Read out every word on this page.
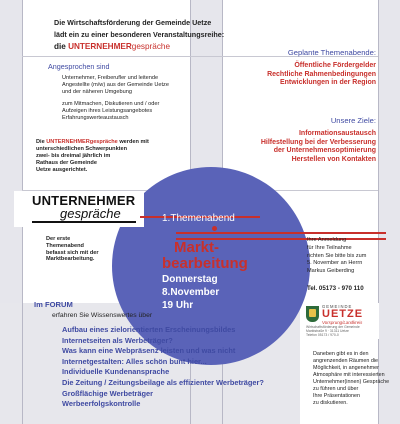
Die Wirtschaftsförderung der Gemeinde Uetze
lädt ein zu einer besonderen Veranstaltungsreihe:
die UNTERNEHMERgespräche
Angesprochen sind
Unternehmer, Freiberufler und leitende
Angestellte (m/w) aus der Gemeinde Uetze
und der näheren Umgebung
zum Mitmachen, Diskutieren und / oder
Aufzeigen ihres Leistungsangebotes
Erfahrungswerteaustausch
Geplante Themenabende:
Öffentliche Fördergelder
Rechtliche Rahmenbedingungen
Entwicklungen in der Region
Unsere Ziele:
Informationsaustausch
Hilfestellung bei der Verbesserung
der Unternehmensoptimierung
Herstellen von Kontakten
Die UNTERNEHMERgespräche werden mit
unterschiedlichen Schwerpunkten
zwei- bis dreimal jährlich im
Rathaus der Gemeinde
Uetze ausgerichtet.
UNTERNEHMER
gespräche	1.Themenabend
Markt-
bearbeitung
Donnerstag
8.November
19 Uhr
Der erste
Themenabend
befasst sich mit der
Marktbearbeitung.
Im FORUM
erfahren Sie Wissenswertes über
Aufbau eines zielorientierten Erscheinungsbildes
Internetseiten als Werbeträger?
Was kann eine Webpräsenz leisten und was nicht
Internetgestalten: Alles schön bunt hier...
Individuelle Kundenansprache
Die Zeitung / Zeitungsbeilage als effizienter Werbeträger?
Großflächige Werbeträger
Werbeerfolgskontrolle
Ihre Anmeldung
für Ihre Teilnahme
richten Sie bitte bis zum
5. November an Herrn
Markus Geiberding
Tel. 05173 - 970 110
GEMEINDE
UETZE
Vorsprung/Landkreis
Wirtschaftsförderung der Gemeinde
Marktstraße 9 · 31311 Uetze
Telefon 05173 / 970-0
Daneben gibt es in den
angrenzenden Räumen die
Möglichkeit, in angenehmer
Atmosphäre mit interessierten
Unternehmer(innen) Gespräche
zu führen und über
Ihre Präsentationen
zu diskutieren.
